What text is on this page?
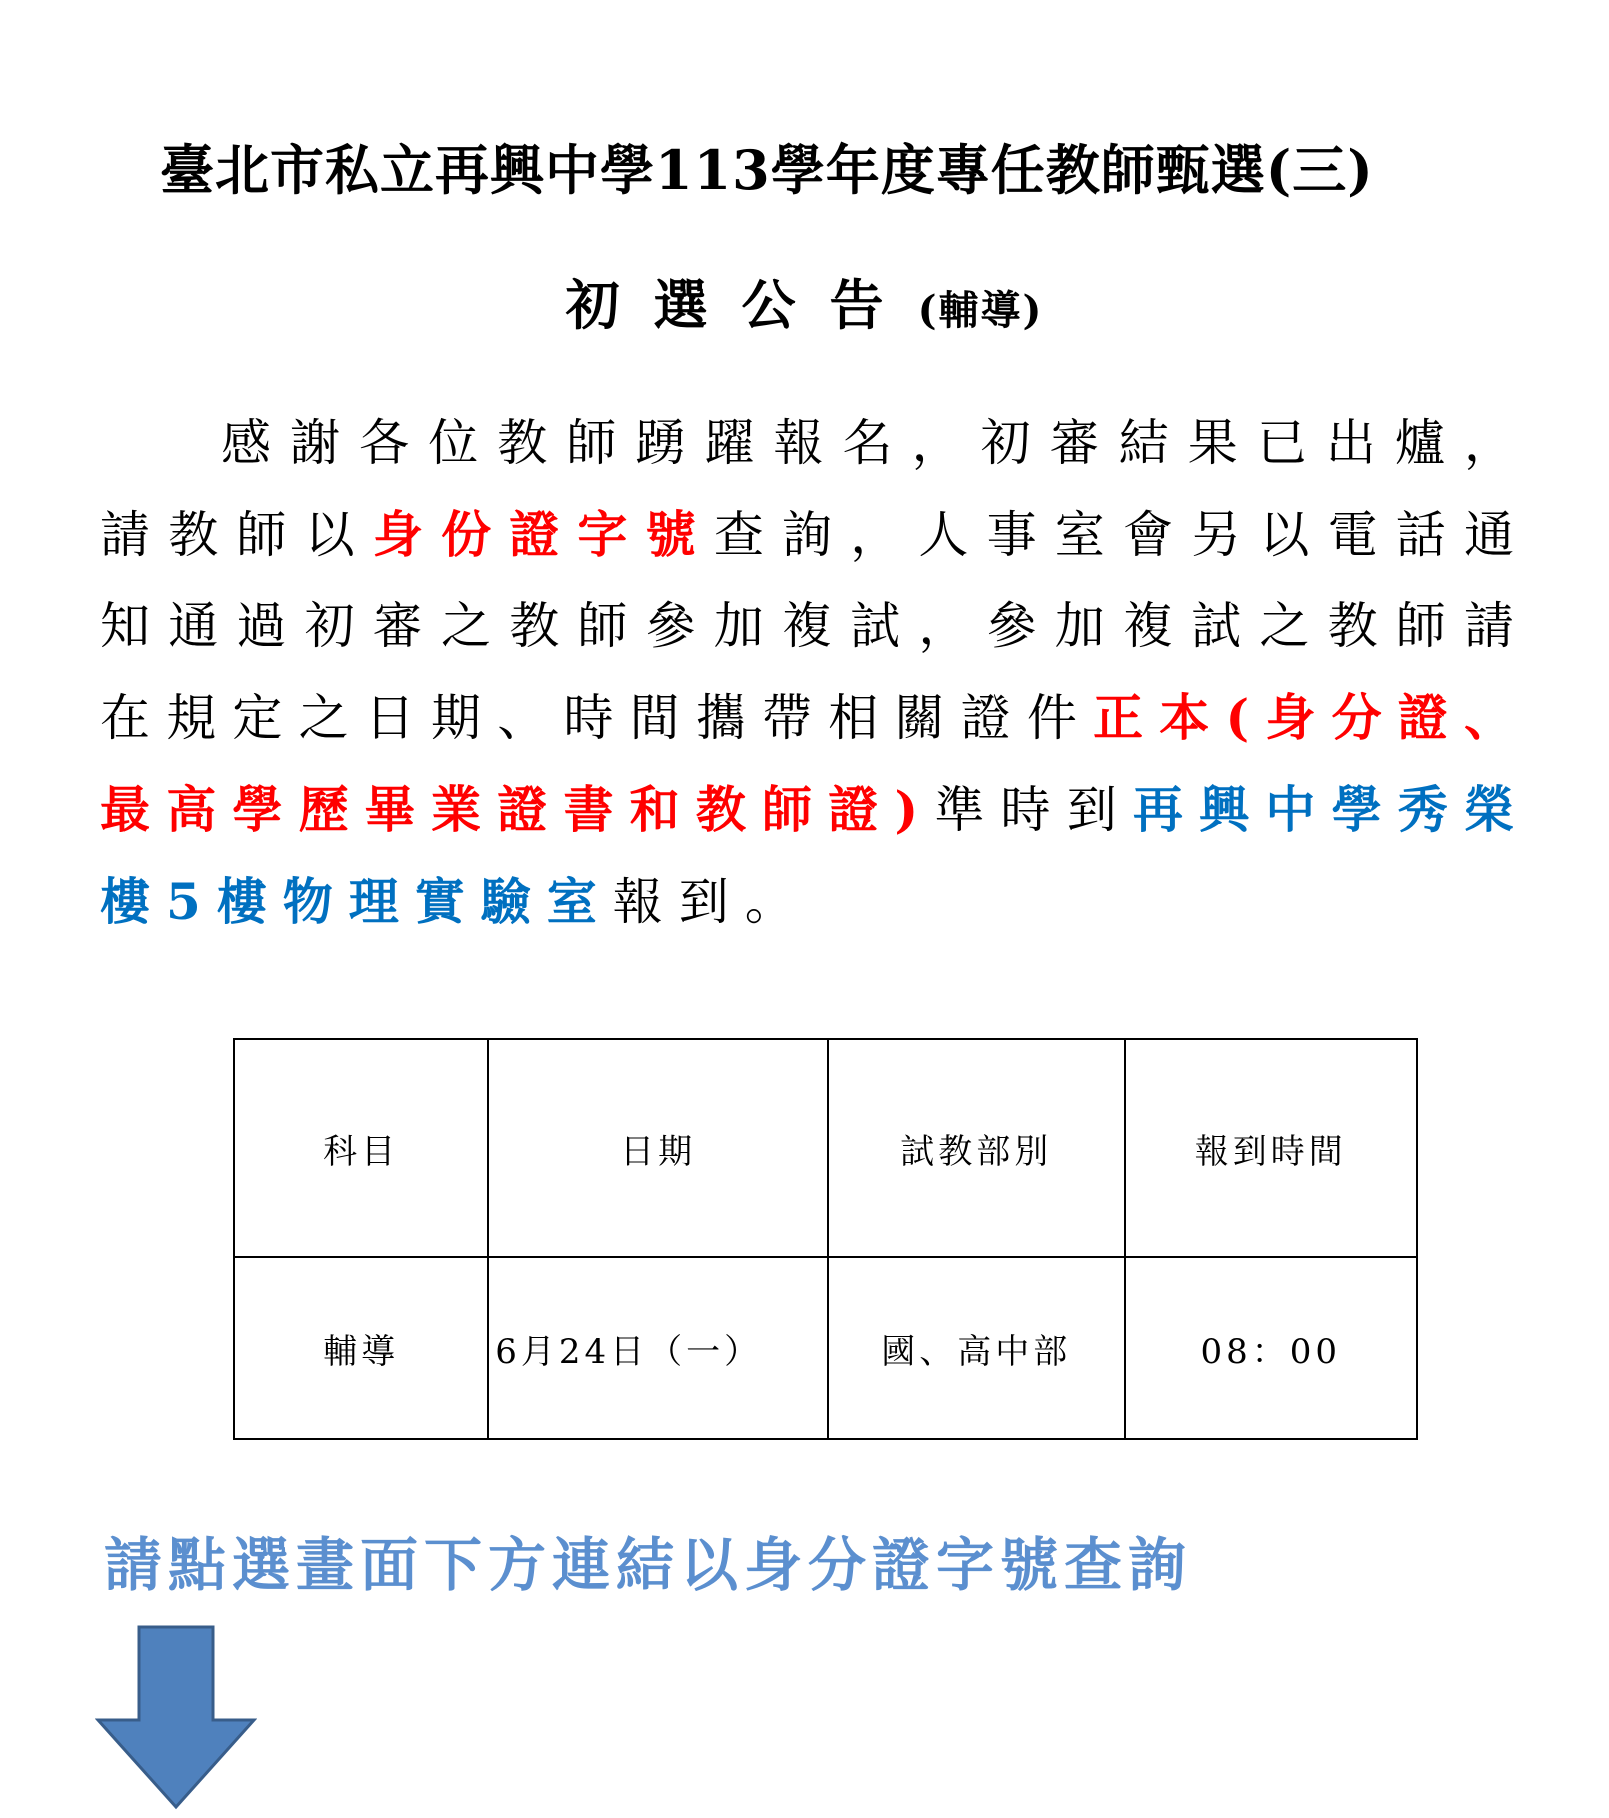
臺北市私立再興中學113學年度專任教師甄選(三)
初選公告(輔導)

感謝各位教師踴躍報名，初審結果已出爐，請教師以身份證字號查詢，人事室會另以電話通知通過初審之教師參加複試，參加複試之教師請在規定之日期、時間攜帶相關證件正本(身分證、最高學歷畢業證書和教師證)準時到再興中學秀榮樓5樓物理實驗室報到。

科目	日期	試教部別	報到時間
輔導	6月24日（一）	國、高中部	08：00
請點選畫面下方連結以身分證字號查詢
